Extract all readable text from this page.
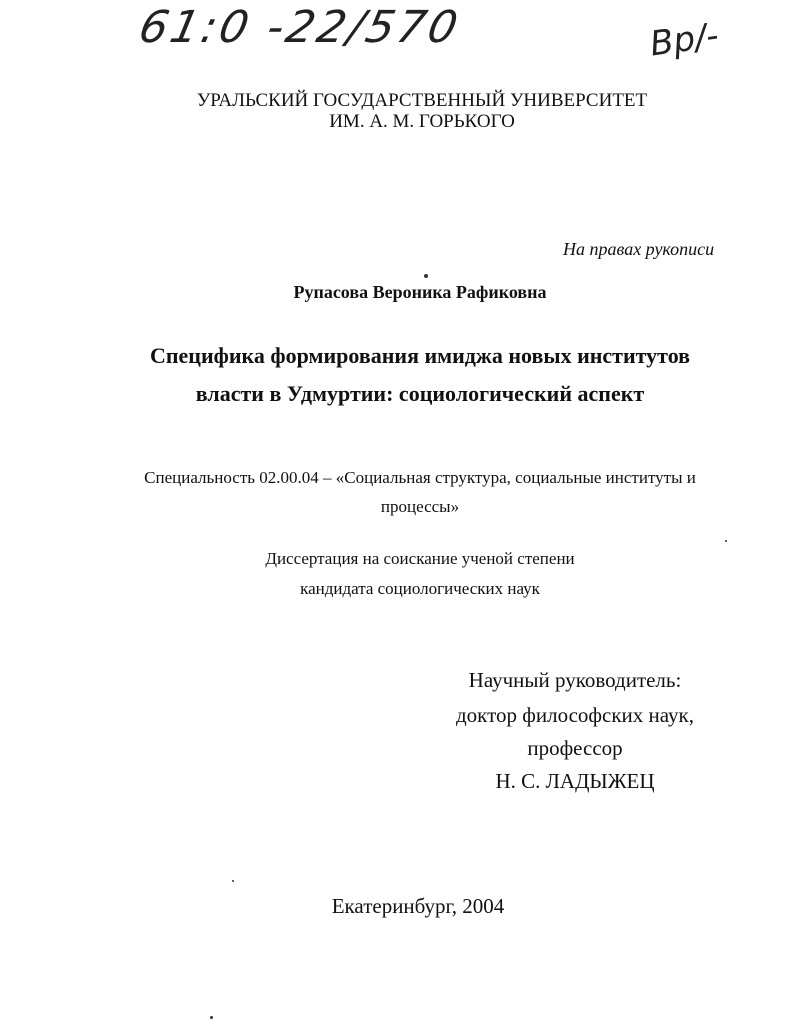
61:0 -22/570	Вр/-
УРАЛЬСКИЙ ГОСУДАРСТВЕННЫЙ УНИВЕРСИТЕТ
ИМ. А. М. ГОРЬКОГО
На правах рукописи
Рупасова Вероника Рафиковна
Специфика формирования имиджа новых институтов
власти в Удмуртии: социологический аспект
Специальность 02.00.04 – «Социальная структура, социальные институты и
процессы»
Диссертация на соискание ученой степени
кандидата социологических наук
Научный руководитель:
доктор философских наук,
профессор
Н. С. ЛАДЫЖЕЦ
Екатеринбург, 2004
